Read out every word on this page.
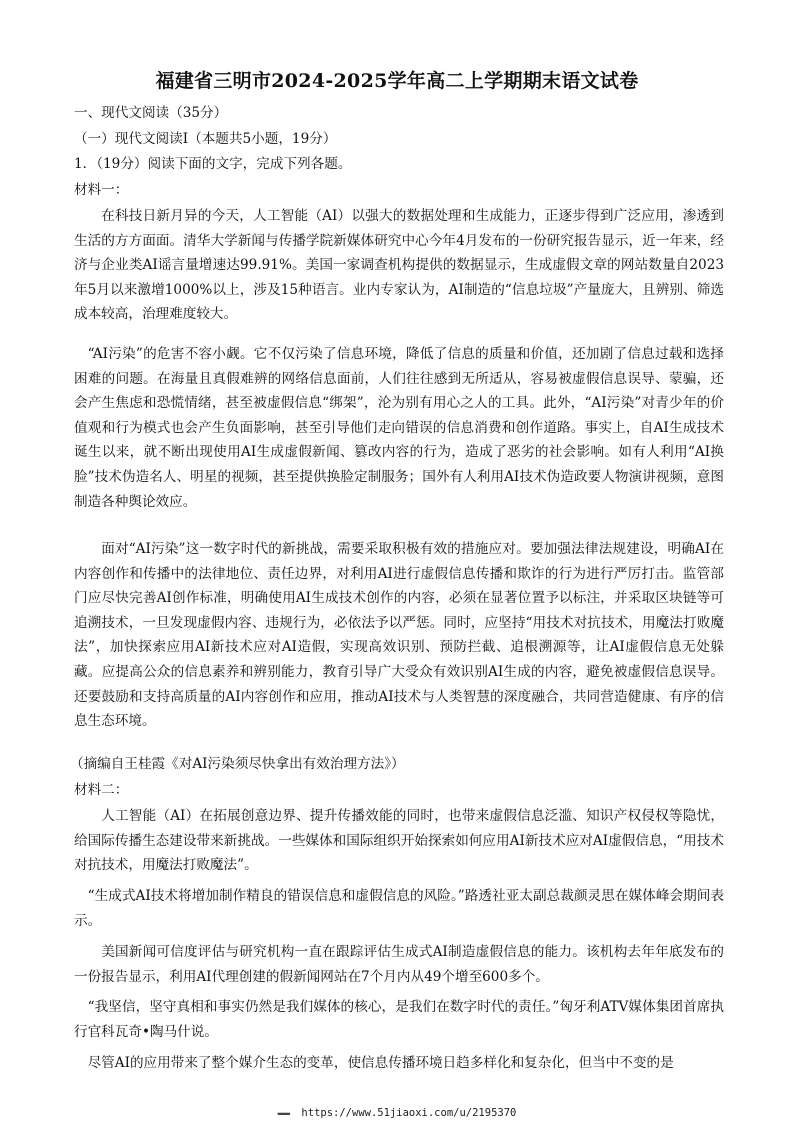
福建省三明市2024-2025学年高二上学期期末语文试卷
一、现代文阅读（35分）
（一）现代文阅读Ⅰ（本题共5小题，19分）
1．（19分）阅读下面的文字，完成下列各题。
材料一：
在科技日新月异的今天，人工智能（AI）以强大的数据处理和生成能力，正逐步得到广泛应用，渗透到生活的方方面面。清华大学新闻与传播学院新媒体研究中心今年4月发布的一份研究报告显示，近一年来，经济与企业类AI谣言量增速达99.91%。美国一家调查机构提供的数据显示，生成虚假文章的网站数量自2023年5月以来激增1000%以上，涉及15种语言。业内专家认为，AI制造的“信息垃圾”产量庞大，且辨别、筛选成本较高，治理难度较大。
“AI污染”的危害不容小觑。它不仅污染了信息环境，降低了信息的质量和价值，还加剧了信息过载和选择困难的问题。在海量且真假难辨的网络信息面前，人们往往感到无所适从，容易被虚假信息误导、蒙骗，还会产生焦虑和恐慌情绪，甚至被虚假信息“绑架”，沦为别有用心之人的工具。此外，“AI污染”对青少年的价值观和行为模式也会产生负面影响，甚至引导他们走向错误的信息消费和创作道路。事实上，自AI生成技术诞生以来，就不断出现使用AI生成虚假新闻、篡改内容的行为，造成了恶劣的社会影响。如有人利用“AI换脸”技术伪造名人、明星的视频，甚至提供换脸定制服务；国外有人利用AI技术伪造政要人物演讲视频，意图制造各种舆论效应。
面对“AI污染”这一数字时代的新挑战，需要采取积极有效的措施应对。要加强法律法规建设，明确AI在内容创作和传播中的法律地位、责任边界，对利用AI进行虚假信息传播和欺诈的行为进行严厉打击。监管部门应尽快完善AI创作标准，明确使用AI生成技术创作的内容，必须在显著位置予以标注，并采取区块链等可追溯技术，一旦发现虚假内容、违规行为，必依法予以严惩。同时，应坚持“用技术对抗技术，用魔法打败魔法”，加快探索应用AI新技术应对AI造假，实现高效识别、预防拦截、追根溯源等，让AI虚假信息无处躲藏。应提高公众的信息素养和辨别能力，教育引导广大受众有效识别AI生成的内容，避免被虚假信息误导。还要鼓励和支持高质量的AI内容创作和应用，推动AI技术与人类智慧的深度融合，共同营造健康、有序的信息生态环境。
（摘编自王桂霞《对AI污染须尽快拿出有效治理方法》）
材料二：
人工智能（AI）在拓展创意边界、提升传播效能的同时，也带来虚假信息泛滥、知识产权侵权等隐忧，给国际传播生态建设带来新挑战。一些媒体和国际组织开始探索如何应用AI新技术应对AI虚假信息，“用技术对抗技术，用魔法打败魔法”。
“生成式AI技术将增加制作精良的错误信息和虚假信息的风险。”路透社亚太副总裁颜灵思在媒体峰会期间表示。
美国新闻可信度评估与研究机构一直在跟踪评估生成式AI制造虚假信息的能力。该机构去年年底发布的一份报告显示，利用AI代理创建的假新闻网站在7个月内从49个增至600多个。
“我坚信，坚守真相和事实仍然是我们媒体的核心，是我们在数字时代的责任。”匈牙利ATV媒体集团首席执行官科瓦奇•陶马什说。
尽管AI的应用带来了整个媒介生态的变革，使信息传播环境日趋多样化和复杂化，但当中不变的是
▬▬▬ https://www.51jiaoxi.com/u/2195370
